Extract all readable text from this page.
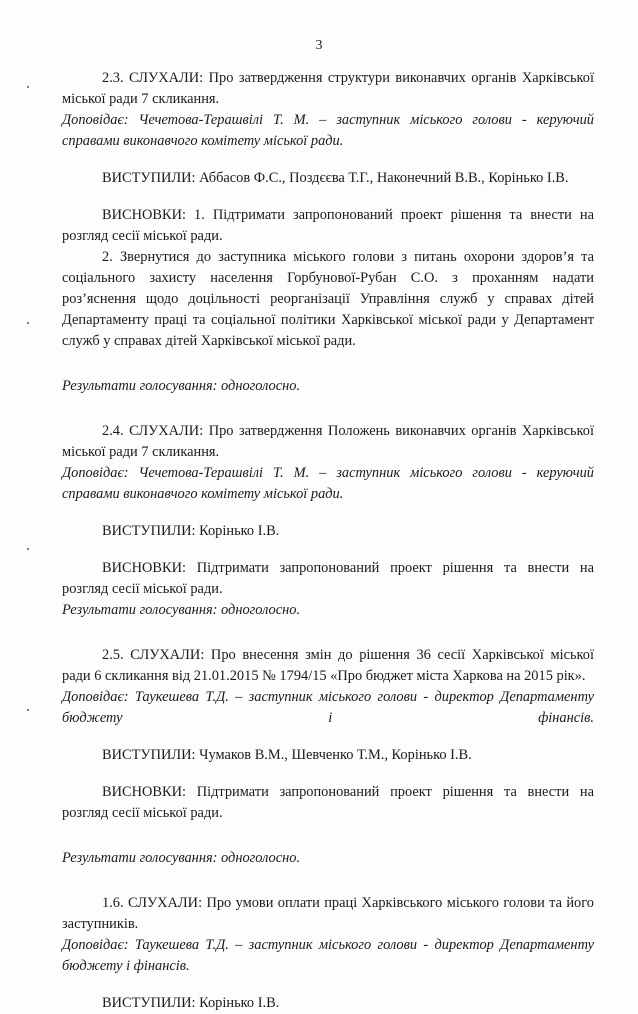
3

2.3. СЛУХАЛИ: Про затвердження структури виконавчих органів Харківської міської ради 7 скликання.

Доповідає: Чечетова-Терашвілі Т. М. – заступник міського голови - керуючий справами виконавчого комітету міської ради.

ВИСТУПИЛИ: Аббасов Ф.С., Поздєєва Т.Г., Наконечний В.В., Корінько І.В.

ВИСНОВКИ: 1. Підтримати запропонований проект рішення та внести на розгляд сесії міської ради.

2. Звернутися до заступника міського голови з питань охорони здоров’я та соціального захисту населення Горбунової-Рубан С.О. з проханням надати роз’яснення щодо доцільності реорганізації Управління служб у справах дітей Департаменту праці та соціальної політики Харківської міської ради у Департамент служб у справах дітей Харківської міської ради.

Результати голосування: одноголосно.

2.4. СЛУХАЛИ: Про затвердження Положень виконавчих органів Харківської міської ради 7 скликання.

Доповідає: Чечетова-Терашвілі Т. М. – заступник міського голови - керуючий справами виконавчого комітету міської ради.

ВИСТУПИЛИ: Корінько І.В.

ВИСНОВКИ: Підтримати запропонований проект рішення та внести на розгляд сесії міської ради.

Результати голосування: одноголосно.

2.5. СЛУХАЛИ: Про внесення змін до рішення 36 сесії Харківської міської ради 6 скликання від 21.01.2015 № 1794/15 «Про бюджет міста Харкова на 2015 рік».

Доповідає: Таукешева Т.Д. – заступник міського голови - директор Департаменту бюджету і фінансів.

ВИСТУПИЛИ: Чумаков В.М., Шевченко Т.М., Корінько І.В.

ВИСНОВКИ: Підтримати запропонований проект рішення та внести на розгляд сесії міської ради.

Результати голосування: одноголосно.

1.6. СЛУХАЛИ: Про умови оплати праці Харківського міського голови та його заступників.

Доповідає: Таукешева Т.Д. – заступник міського голови - директор Департаменту бюджету і фінансів.

ВИСТУПИЛИ: Корінько І.В.
